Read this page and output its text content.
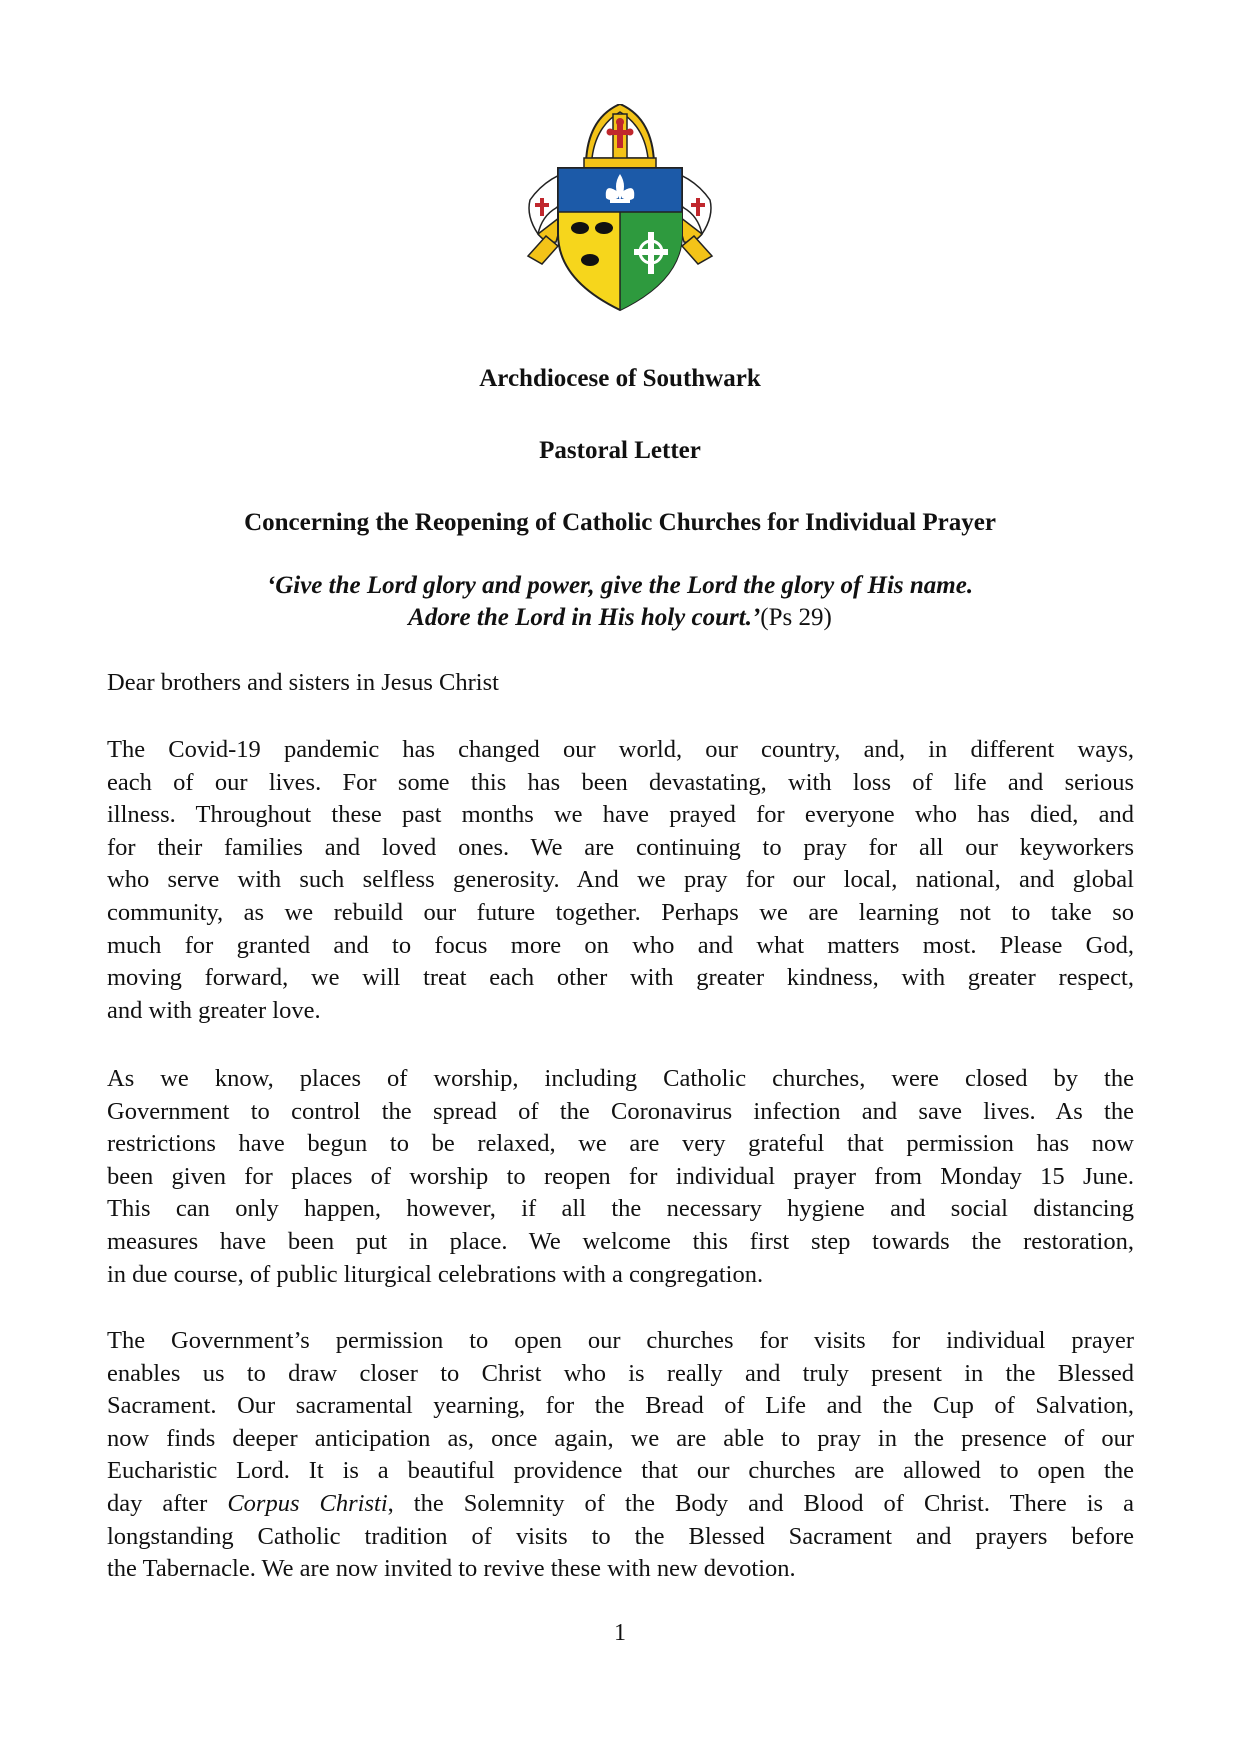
Archdiocese of Southwark

Pastoral Letter

Concerning the Reopening of Catholic Churches for Individual Prayer

‘Give the Lord glory and power, give the Lord the glory of His name.
Adore the Lord in His holy court.’(Ps 29)

Dear brothers and sisters in Jesus Christ

The Covid-19 pandemic has changed our world, our country, and, in different ways,
each of our lives. For some this has been devastating, with loss of life and serious
illness. Throughout these past months we have prayed for everyone who has died, and
for their families and loved ones. We are continuing to pray for all our keyworkers
who serve with such selfless generosity. And we pray for our local, national, and global
community, as we rebuild our future together. Perhaps we are learning not to take so
much for granted and to focus more on who and what matters most. Please God,
moving forward, we will treat each other with greater kindness, with greater respect,
and with greater love.
As we know, places of worship, including Catholic churches, were closed by the
Government to control the spread of the Coronavirus infection and save lives. As the
restrictions have begun to be relaxed, we are very grateful that permission has now
been given for places of worship to reopen for individual prayer from Monday 15 June.
This can only happen, however, if all the necessary hygiene and social distancing
measures have been put in place. We welcome this first step towards the restoration,
in due course, of public liturgical celebrations with a congregation.
The Government’s permission to open our churches for visits for individual prayer
enables us to draw closer to Christ who is really and truly present in the Blessed
Sacrament. Our sacramental yearning, for the Bread of Life and the Cup of Salvation,
now finds deeper anticipation as, once again, we are able to pray in the presence of our
Eucharistic Lord. It is a beautiful providence that our churches are allowed to open the
day after Corpus Christi, the Solemnity of the Body and Blood of Christ. There is a
longstanding Catholic tradition of visits to the Blessed Sacrament and prayers before
the Tabernacle. We are now invited to revive these with new devotion.

1
